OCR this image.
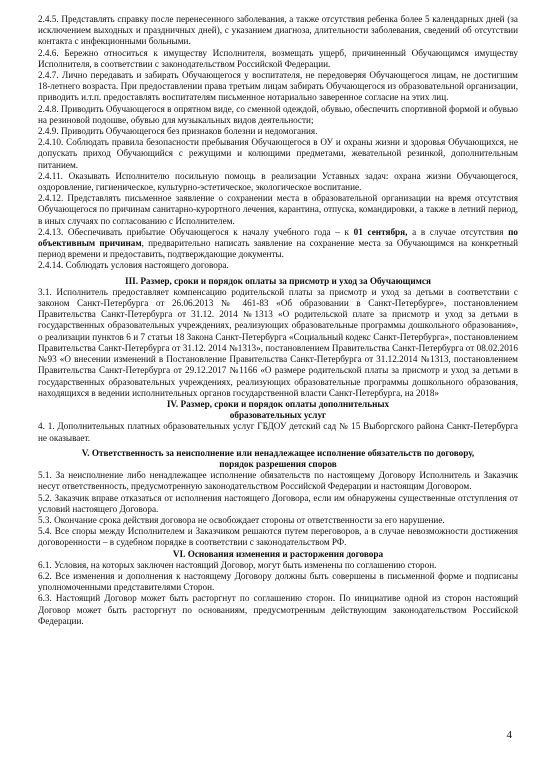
2.4.5. Представлять справку после перенесенного заболевания, а также отсутствия ребенка более 5 календарных дней (за исключением выходных и праздничных дней), с указанием диагноза, длительности заболевания, сведений об отсутствии контакта с инфекционными больными.

2.4.6. Бережно относиться к имуществу Исполнителя, возмещать ущерб, причиненный Обучающимся имуществу Исполнителя, в соответствии с законодательством Российской Федерации.

2.4.7. Лично передавать и забирать Обучающегося у воспитателя, не передоверяя Обучающегося лицам, не достигшим 18-летнего возраста. При предоставлении права третьим лицам забирать Обучающегося из образовательной организации, приводить и.т.п. предоставлять воспитателям письменное нотариально заверенное согласие на этих лиц.

2.4.8. Приводить Обучающегося в опрятном виде, со сменной одеждой, обувью, обеспечить спортивной формой и обувью на резиновой подошве, обувью для музыкальных видов деятельности;

2.4.9. Приводить Обучающегося без признаков болезни и недомогания.

2.4.10. Соблюдать правила безопасности пребывания Обучающегося в ОУ и охраны жизни и здоровья Обучающихся, не допускать приход Обучающийся с режущими и колющими предметами, жевательной резинкой, дополнительным питанием.

2.4.11. Оказывать Исполнителю посильную помощь в реализации Уставных задач: охрана жизни Обучающегося, оздоровление, гигиеническое, культурно-эстетическое, экологическое воспитание.

2.4.12. Представлять письменное заявление о сохранении места в образовательной организации на время отсутствия Обучающегося по причинам санитарно-курортного лечения, карантина, отпуска, командировки, а также в летний период, в иных случаях по согласованию с Исполнителем.

2.4.13. Обеспечивать прибытие Обучающегося к началу учебного года – к 01 сентября, а в случае отсутствия по объективным причинам, предварительно написать заявление на сохранение места за Обучающимся на конкретный период времени и предоставить, подтверждающие документы.

2.4.14. Соблюдать условия настоящего договора.

III. Размер, сроки и порядок оплаты за присмотр и уход за Обучающимся

3.1. Исполнитель предоставляет компенсацию родительской платы за присмотр и уход за детьми в соответствии с законом Санкт-Петербурга от 26.06.2013 № 461-83 «Об образовании в Санкт-Петербурге», постановлением Правительства Санкт-Петербурга от 31.12. 2014 №1313 «О родительской плате за присмотр и уход за детьми в государственных образовательных учреждениях, реализующих образовательные программы дошкольного образования», о реализации пунктов 6 и 7 статьи 18 Закона Санкт-Петербурга «Социальный кодекс Санкт-Петербурга», постановлением Правительства Санкт-Петербурга от 31.12. 2014 №1313», постановлением Правительства Санкт-Петербурга от 08.02.2016 №93 «О внесении изменений в Постановление Правительства Санкт-Петербурга от 31.12.2014 №1313, постановлением Правительства Санкт-Петербурга от 29.12.2017 №1166 «О размере родительской платы за присмотр и уход за детьми в государственных образовательных учреждениях, реализующих образовательные программы дошкольного образования, находящихся в ведении исполнительных органов государственной власти Санкт-Петербурга, на 2018»

IV. Размер, сроки и порядок оплаты дополнительных

образовательных услуг

4. 1. Дополнительных платных образовательных услуг ГБДОУ детский сад № 15 Выборгского района Санкт-Петербурга не оказывает.

V. Ответственность за неисполнение или ненадлежащее исполнение обязательств по договору,

порядок разрешения споров

5.1. За неисполнение либо ненадлежащее исполнение обязательств по настоящему Договору Исполнитель и Заказчик несут ответственность, предусмотренную законодательством Российской Федерации и настоящим Договором.

5.2. Заказчик вправе отказаться от исполнения настоящего Договора, если им обнаружены существенные отступления от условий настоящего Договора.

5.3. Окончание срока действия договора не освобождает стороны от ответственности за его нарушение.

5.4. Все споры между Исполнителем и Заказчиком решаются путем переговоров, а в случае невозможности достижения договоренности – в судебном порядке в соответствии с законодательством РФ.

VI. Основания изменения и расторжения договора

6.1. Условия, на которых заключен настоящий Договор, могут быть изменены по соглашению сторон.

6.2. Все изменения и дополнения к настоящему Договору должны быть совершены в письменной форме и подписаны уполномоченными представителями Сторон.

6.3. Настоящий Договор может быть расторгнут по соглашению сторон. По инициативе одной из сторон настоящий Договор может быть расторгнут по основаниям, предусмотренным действующим законодательством Российской Федерации.

4
